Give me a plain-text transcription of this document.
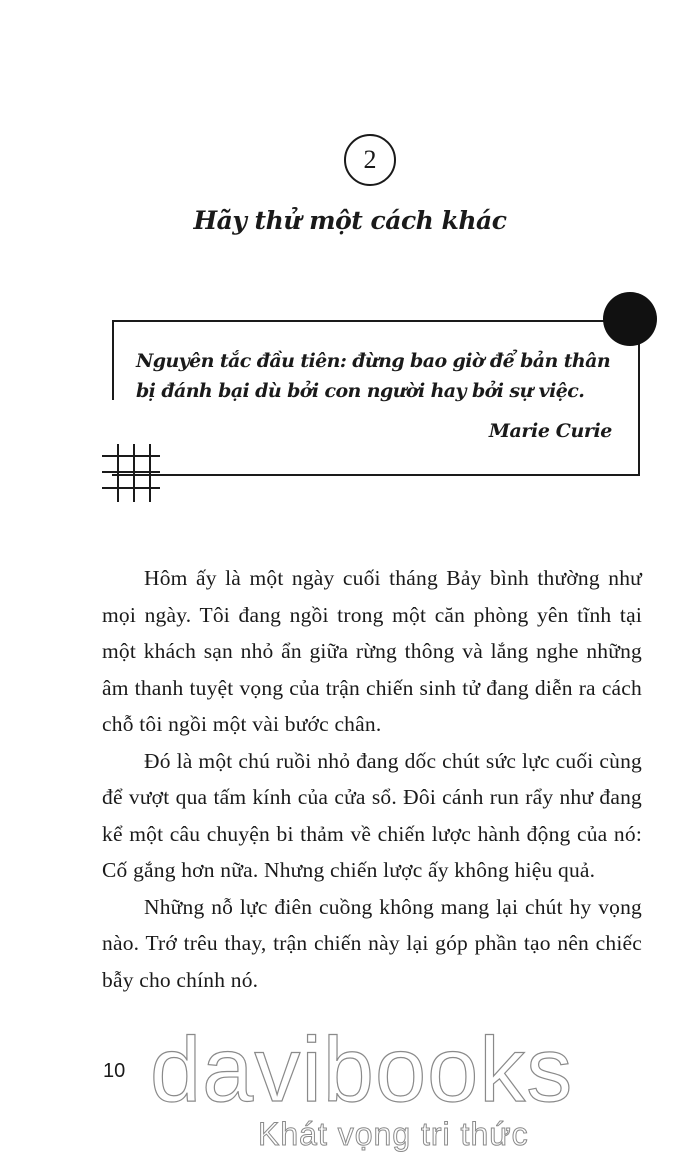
2
Hãy thử một cách khác
Nguyên tắc đầu tiên: đừng bao giờ để bản thân bị đánh bại dù bởi con người hay bởi sự việc.
Marie Curie

Hôm ấy là một ngày cuối tháng Bảy bình thường như mọi ngày. Tôi đang ngồi trong một căn phòng yên tĩnh tại một khách sạn nhỏ ẩn giữa rừng thông và lắng nghe những âm thanh tuyệt vọng của trận chiến sinh tử đang diễn ra cách chỗ tôi ngồi một vài bước chân.

Đó là một chú ruồi nhỏ đang dốc chút sức lực cuối cùng để vượt qua tấm kính của cửa sổ. Đôi cánh run rẩy như đang kể một câu chuyện bi thảm về chiến lược hành động của nó: Cố gắng hơn nữa. Nhưng chiến lược ấy không hiệu quả.

Những nỗ lực điên cuồng không mang lại chút hy vọng nào. Trớ trêu thay, trận chiến này lại góp phần tạo nên chiếc bẫy cho chính nó.

10 davibooks
Khát vọng tri thức
